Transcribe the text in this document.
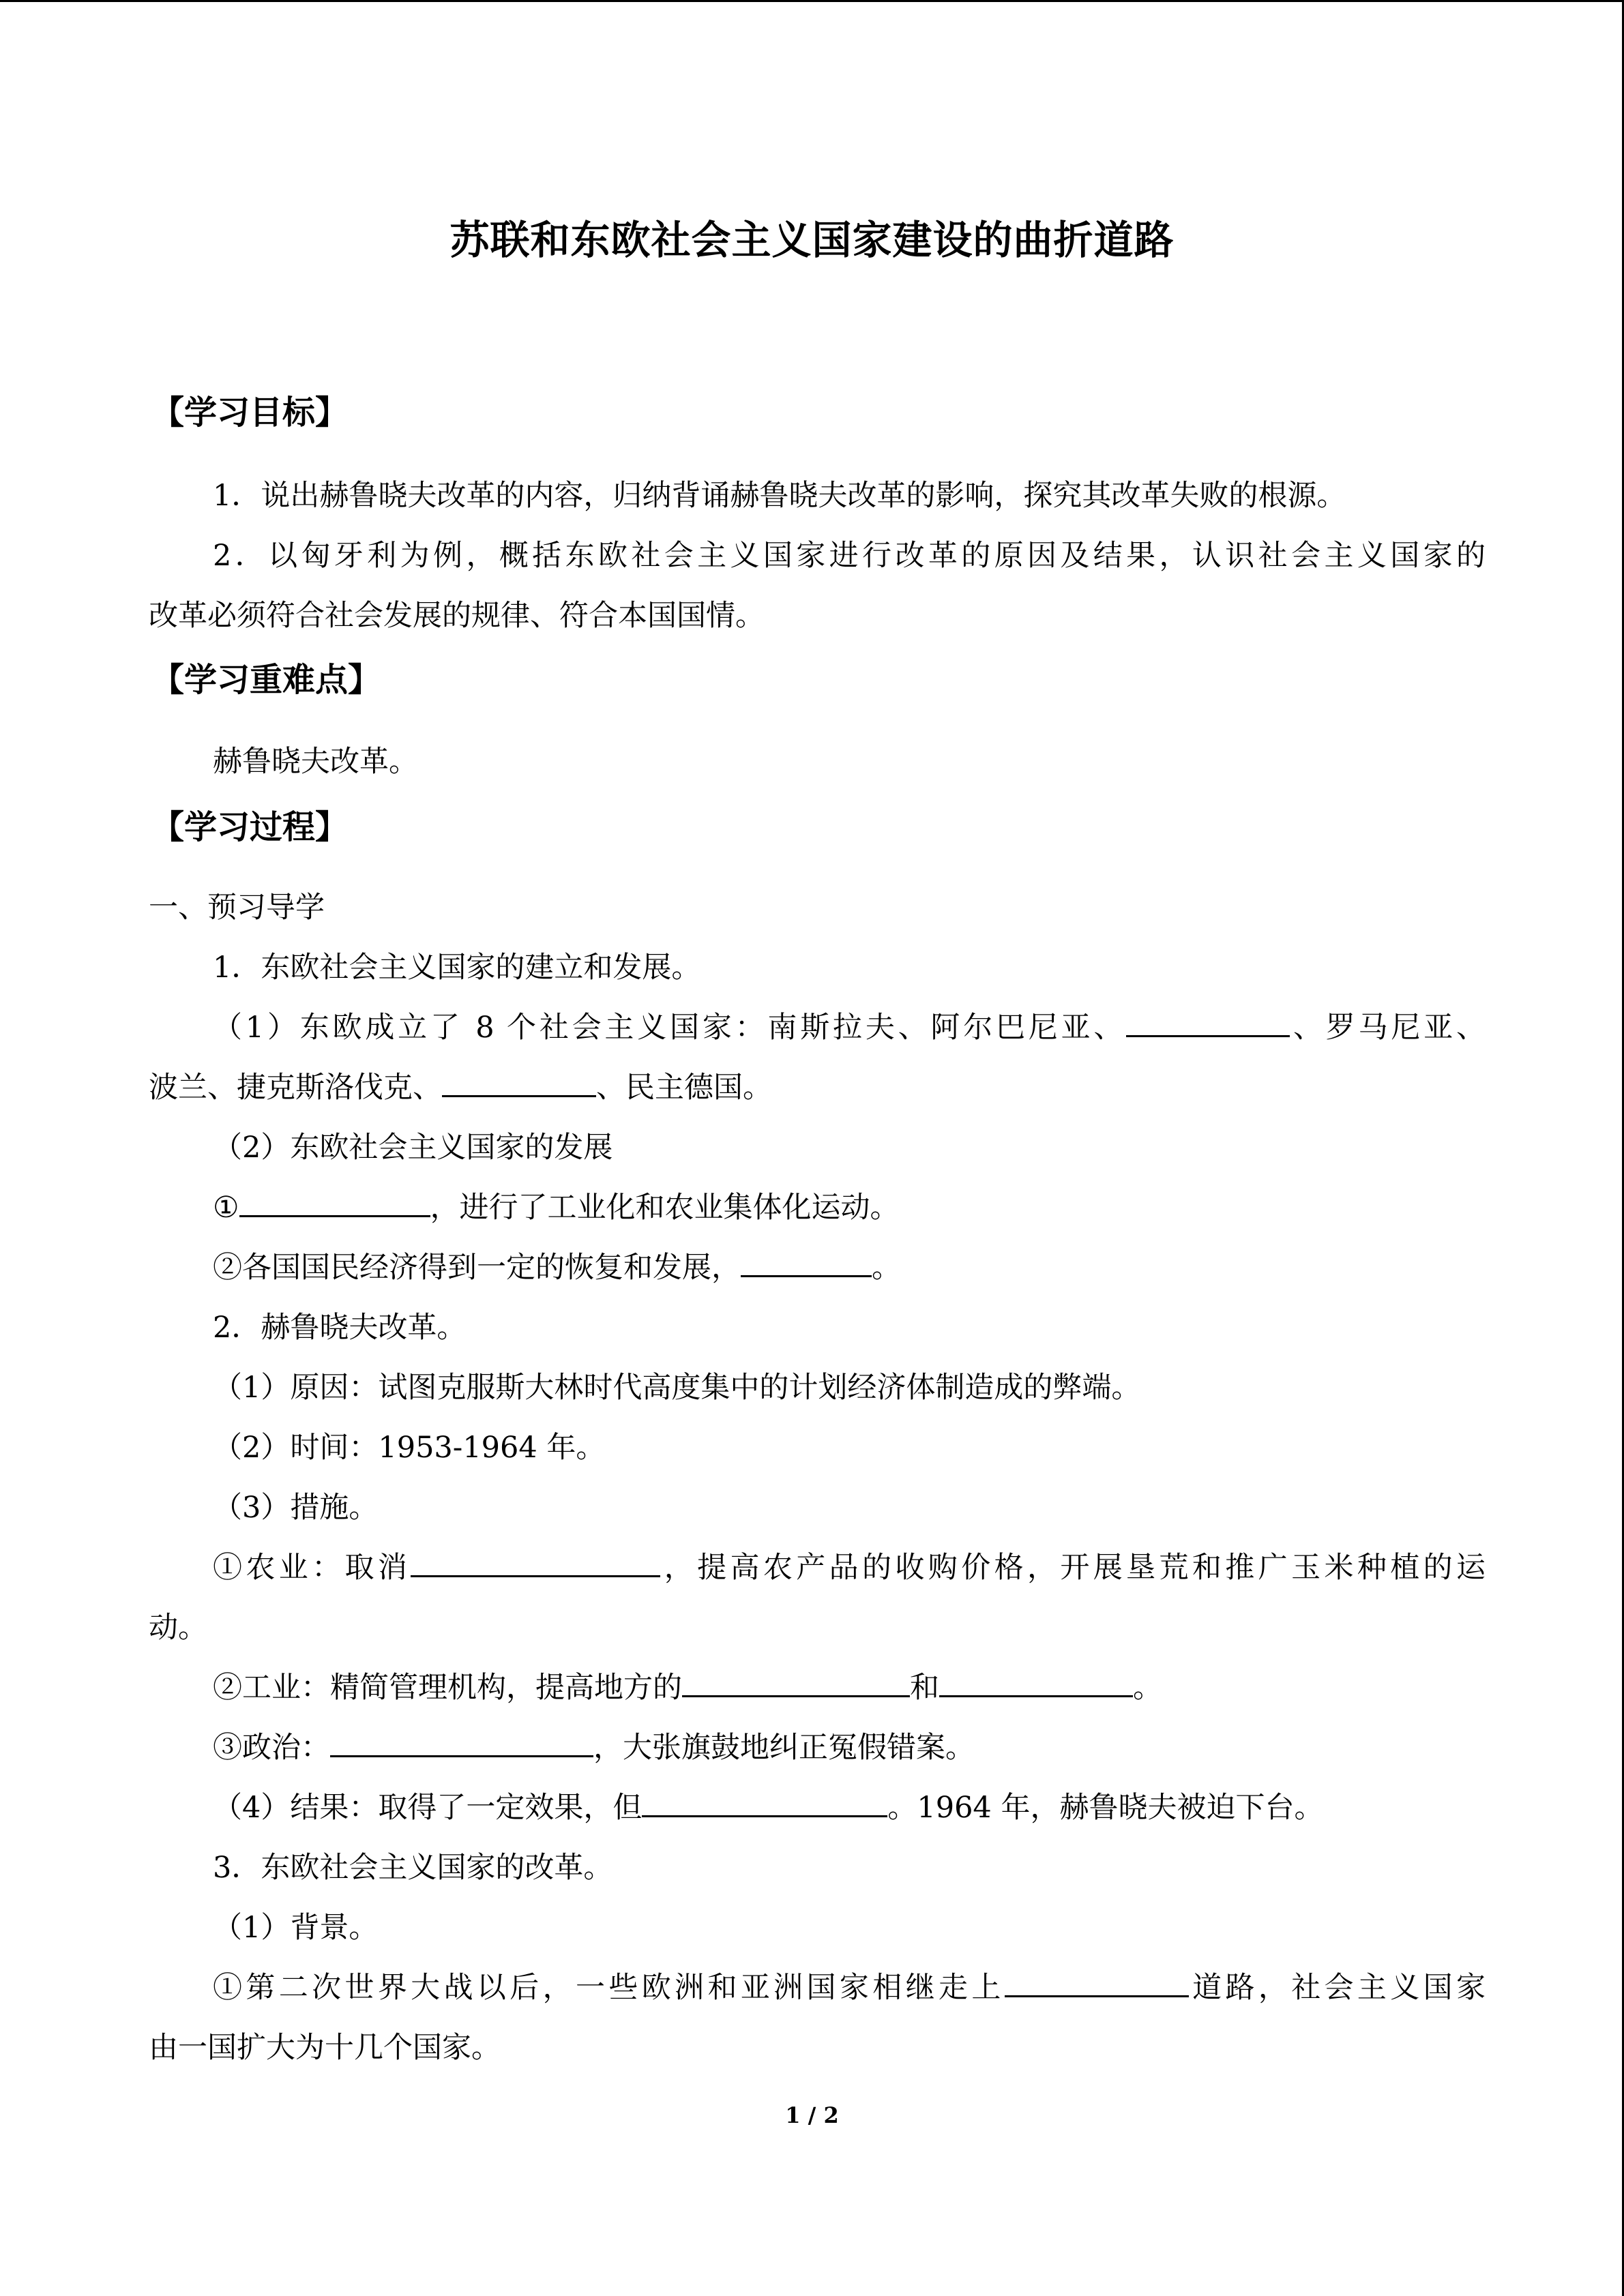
苏联和东欧社会主义国家建设的曲折道路
【学习目标】
1．说出赫鲁晓夫改革的内容，归纳背诵赫鲁晓夫改革的影响，探究其改革失败的根源。
2．以匈牙利为例，概括东欧社会主义国家进行改革的原因及结果，认识社会主义国家的
改革必须符合社会发展的规律、符合本国国情。
【学习重难点】
赫鲁晓夫改革。
【学习过程】
一、预习导学
1．东欧社会主义国家的建立和发展。
（1）东欧成立了 8 个社会主义国家：南斯拉夫、阿尔巴尼亚、	、罗马尼亚、
波兰、捷克斯洛伐克、	、民主德国。
（2）东欧社会主义国家的发展
①	，进行了工业化和农业集体化运动。
②各国国民经济得到一定的恢复和发展，	。
2．赫鲁晓夫改革。
（1）原因：试图克服斯大林时代高度集中的计划经济体制造成的弊端。
（2）时间：1953-1964 年。
（3）措施。
①农业：取消	，提高农产品的收购价格，开展垦荒和推广玉米种植的运
动。
②工业：精简管理机构，提高地方的	和	。
③政治：	，大张旗鼓地纠正冤假错案。
（4）结果：取得了一定效果，但	。1964 年，赫鲁晓夫被迫下台。
3．东欧社会主义国家的改革。
（1）背景。
①第二次世界大战以后，一些欧洲和亚洲国家相继走上	道路，社会主义国家
由一国扩大为十几个国家。
1 / 2
